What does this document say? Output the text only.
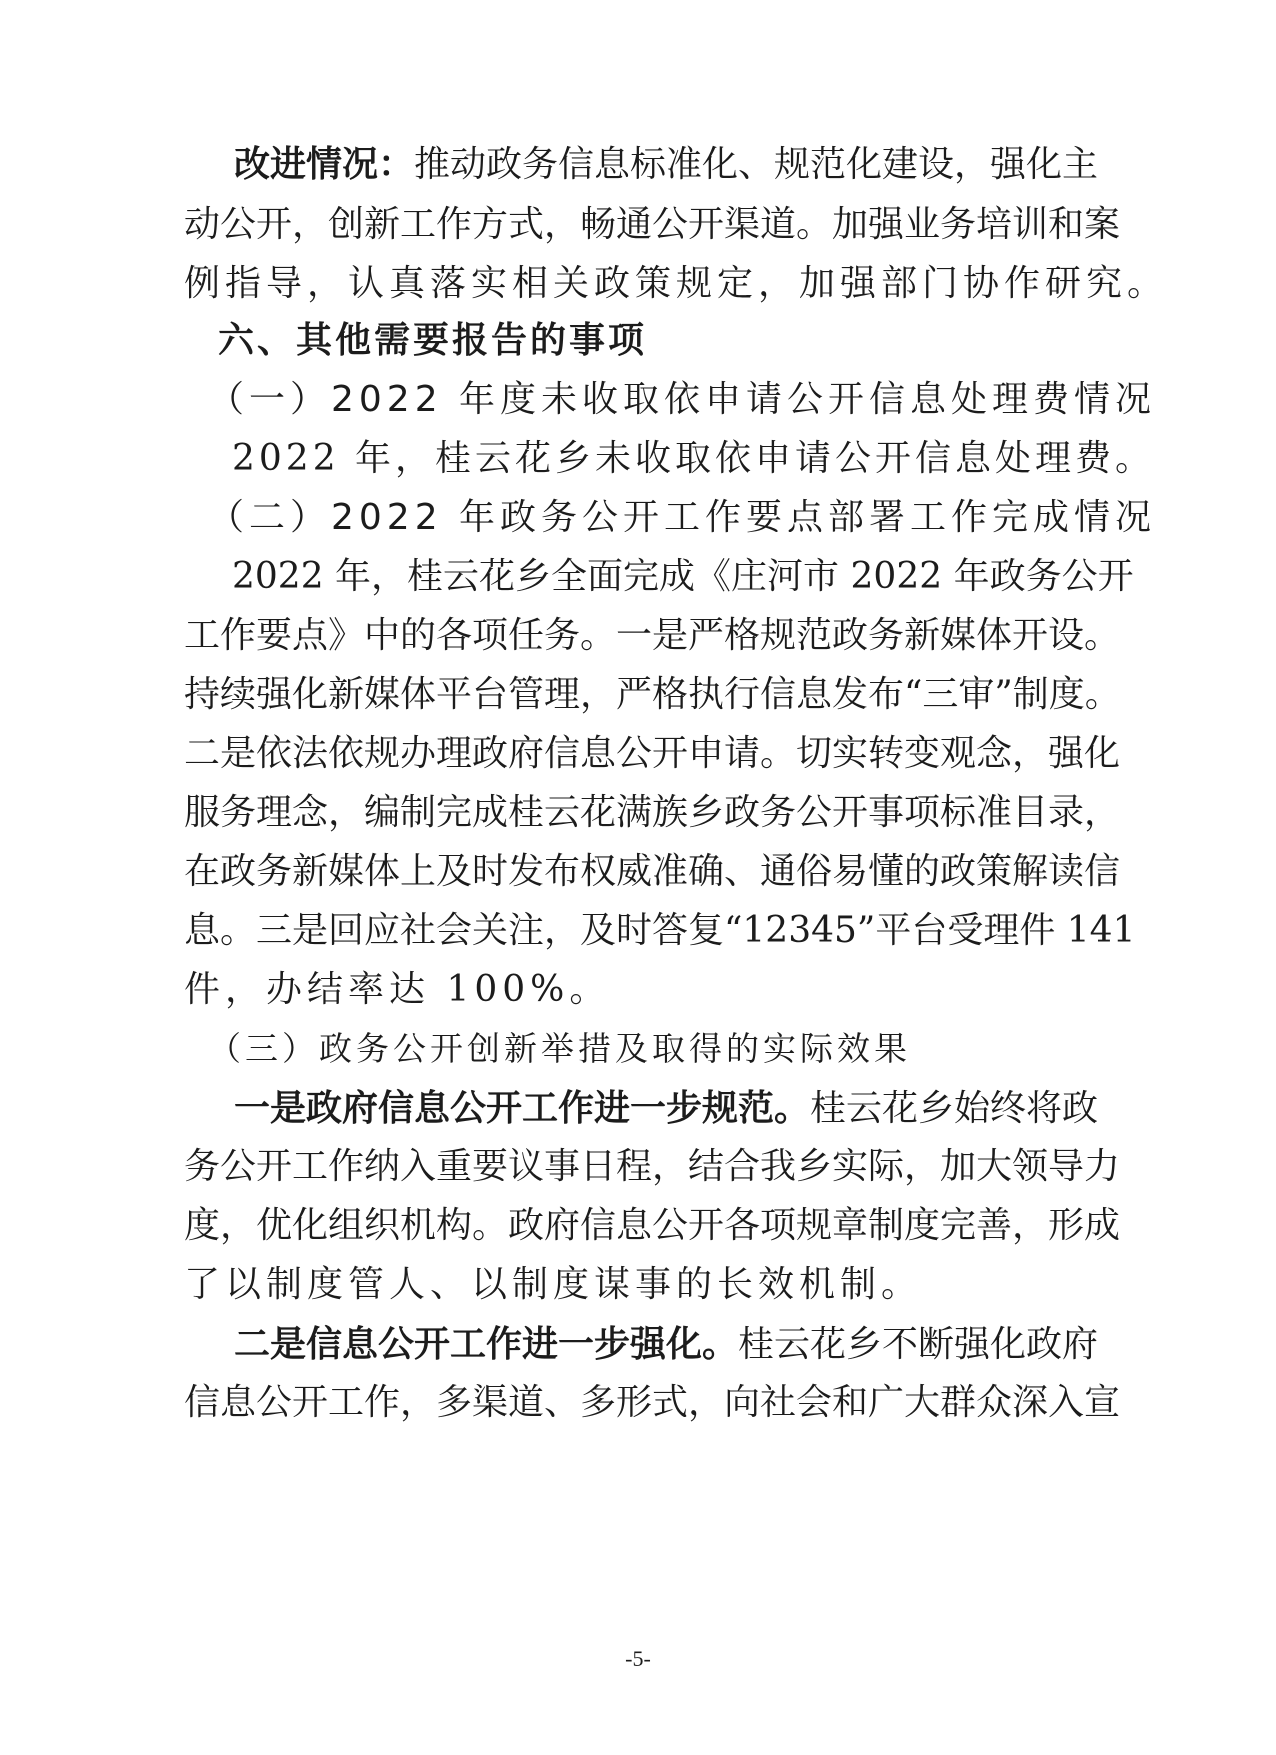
改进情况：推动政务信息标准化、规范化建设，强化主
动公开，创新工作方式，畅通公开渠道。加强业务培训和案
例指导，认真落实相关政策规定，加强部门协作研究。
六、其他需要报告的事项
（一）2022 年度未收取依申请公开信息处理费情况
2022 年，桂云花乡未收取依申请公开信息处理费。
（二）2022 年政务公开工作要点部署工作完成情况
2022 年，桂云花乡全面完成《庄河市 2022 年政务公开
工作要点》中的各项任务。一是严格规范政务新媒体开设。
持续强化新媒体平台管理，严格执行信息发布“三审”制度。
二是依法依规办理政府信息公开申请。切实转变观念，强化
服务理念，编制完成桂云花满族乡政务公开事项标准目录，
在政务新媒体上及时发布权威准确、通俗易懂的政策解读信
息。三是回应社会关注，及时答复“12345”平台受理件 141
件，办结率达 100%。
（三）政务公开创新举措及取得的实际效果
一是政府信息公开工作进一步规范。桂云花乡始终将政
务公开工作纳入重要议事日程，结合我乡实际，加大领导力
度，优化组织机构。政府信息公开各项规章制度完善，形成
了以制度管人、以制度谋事的长效机制。
二是信息公开工作进一步强化。桂云花乡不断强化政府
信息公开工作，多渠道、多形式，向社会和广大群众深入宣
-5-
